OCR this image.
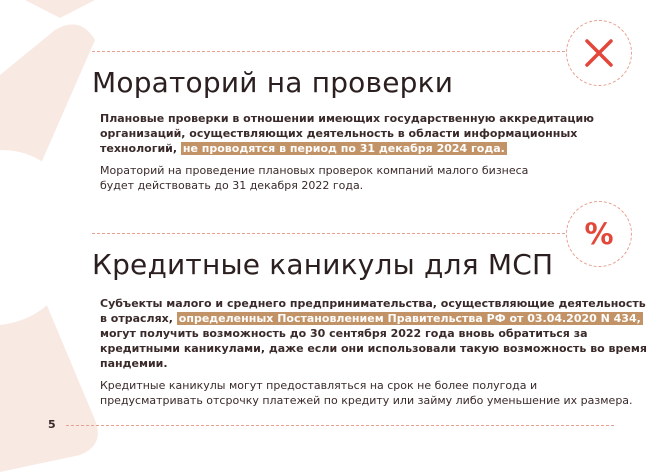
Мораторий на проверки

Плановые проверки в отношении имеющих государственную аккредитацию
организаций, осуществляющих деятельность в области информационных
технологий, не проводятся в период по 31 декабря 2024 года.

Мораторий на проведение плановых проверок компаний малого бизнеса
будет действовать до 31 декабря 2022 года.

%
Кредитные каникулы для МСП

Субъекты малого и среднего предпринимательства, осуществляющие деятельность
в отраслях, определенных Постановлением Правительства РФ от 03.04.2020 N 434,
могут получить возможность до 30 сентября 2022 года вновь обратиться за
кредитными каникулами, даже если они использовали такую возможность во время
пандемии.

Кредитные каникулы могут предоставляться на срок не более полугода и
предусматривать отсрочку платежей по кредиту или займу либо уменьшение их размера.

5
